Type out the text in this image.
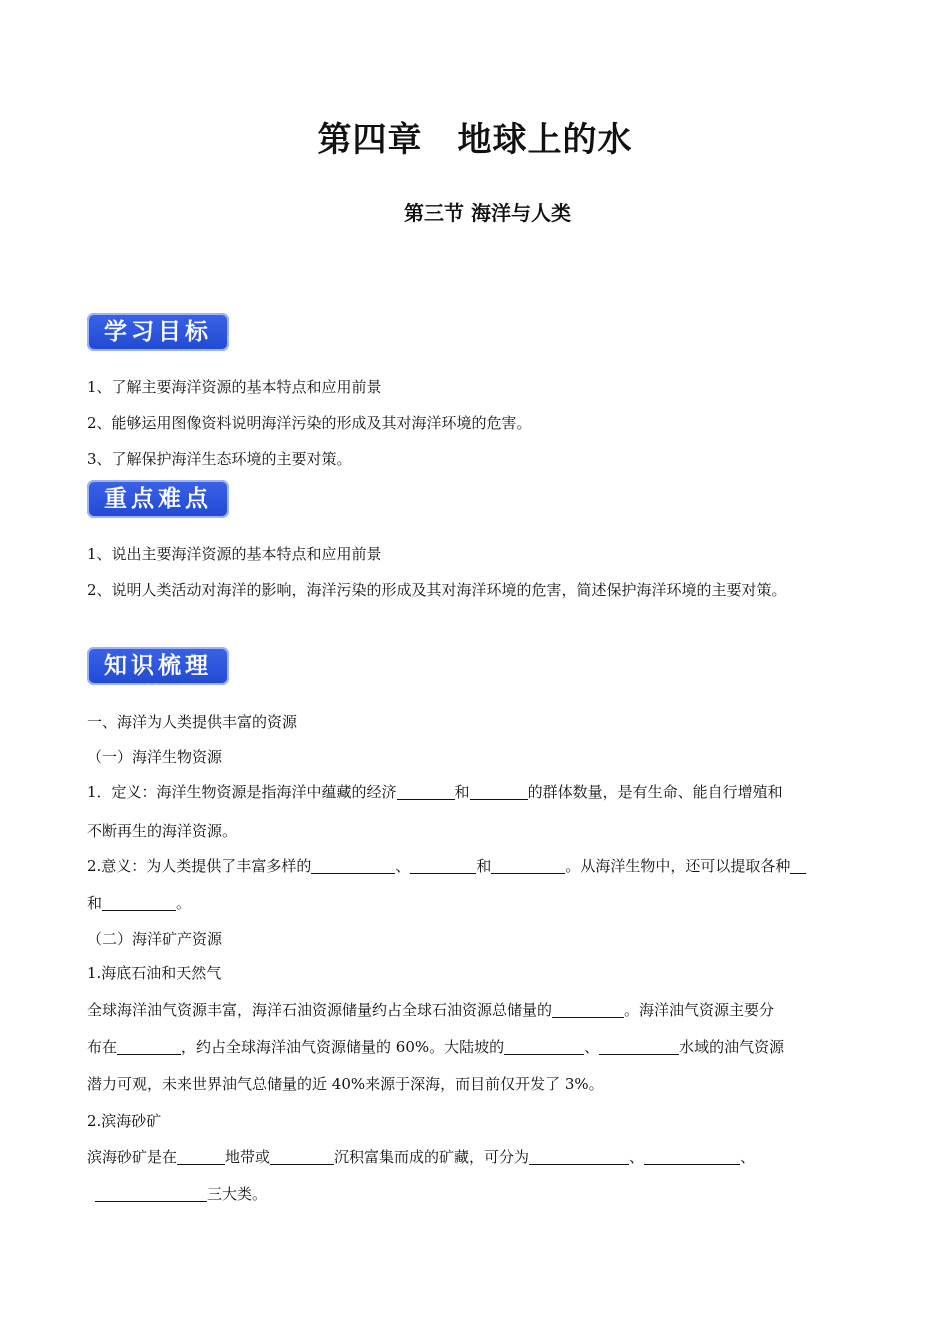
第四章　地球上的水
第三节 海洋与人类
学习目标
1、了解主要海洋资源的基本特点和应用前景
2、能够运用图像资料说明海洋污染的形成及其对海洋环境的危害。
3、了解保护海洋生态环境的主要对策。
重点难点
1、说出主要海洋资源的基本特点和应用前景
2、说明人类活动对海洋的影响，海洋污染的形成及其对海洋环境的危害，简述保护海洋环境的主要对策。
知识梳理
一、海洋为人类提供丰富的资源
（一）海洋生物资源
1．定义：海洋生物资源是指海洋中蕴藏的经济	和	的群体数量，是有生命、能自行增殖和
不断再生的海洋资源。
2.意义：为人类提供了丰富多样的	、	和	。从海洋生物中，还可以提取各种
和	。
（二）海洋矿产资源
1.海底石油和天然气
全球海洋油气资源丰富，海洋石油资源储量约占全球石油资源总储量的	。海洋油气资源主要分
布在	，约占全球海洋油气资源储量的 60%。大陆坡的	、	水域的油气资源
潜力可观，未来世界油气总储量的近 40%来源于深海，而目前仅开发了 3%。
2.滨海砂矿
滨海砂矿是在	地带或	沉积富集而成的矿藏，可分为	、	、
三大类。
